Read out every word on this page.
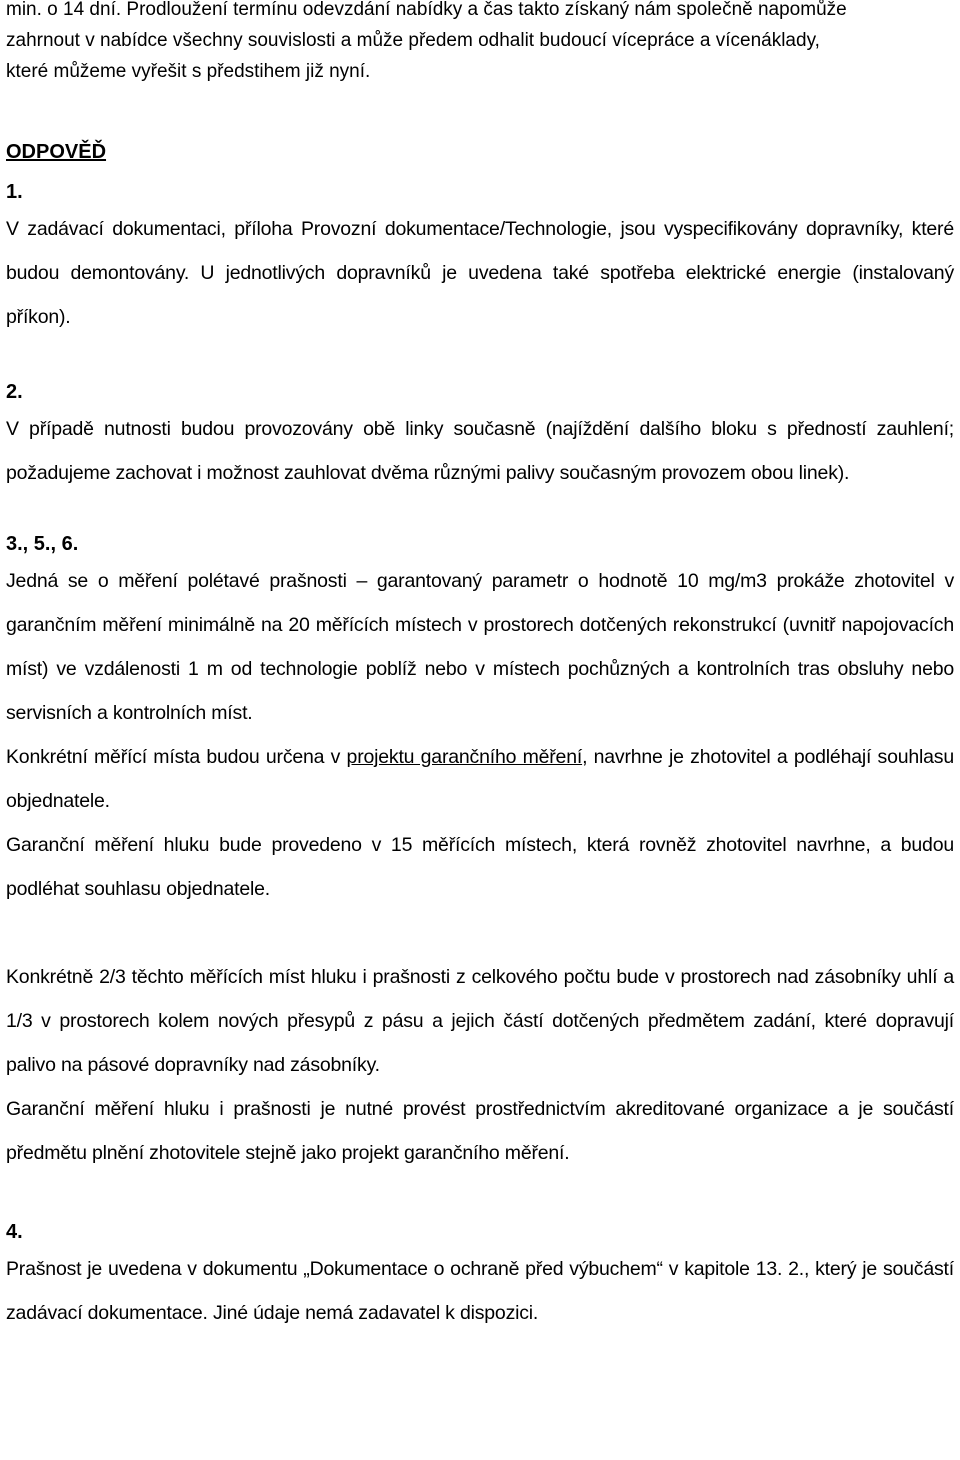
min. o 14 dní. Prodloužení termínu odevzdání nabídky a čas takto získaný nám společně napomůže
zahrnout v nabídce všechny souvislosti a může předem odhalit budoucí vícepráce a vícenáklady,
které můžeme vyřešit s předstihem již nyní.
ODPOVĚĎ
1.

V zadávací dokumentaci, příloha Provozní dokumentace/Technologie, jsou vyspecifikovány dopravníky, které budou demontovány. U jednotlivých dopravníků je uvedena také spotřeba elektrické energie (instalovaný příkon).

2.

V případě nutnosti budou provozovány obě linky současně (najíždění dalšího bloku s předností zauhlení; požadujeme zachovat i možnost zauhlovat dvěma různými palivy současným provozem obou linek).

3., 5., 6.

Jedná se o měření polétavé prašnosti – garantovaný parametr o hodnotě 10 mg/m3 prokáže zhotovitel v garančním měření minimálně na 20 měřících místech v prostorech dotčených rekonstrukcí (uvnitř napojovacích míst) ve vzdálenosti 1 m od technologie poblíž nebo v místech pochůzných a kontrolních tras obsluhy nebo servisních a kontrolních míst.

Konkrétní měřící místa budou určena v projektu garančního měření, navrhne je zhotovitel a podléhají souhlasu objednatele.

Garanční měření hluku bude provedeno v 15 měřících místech, která rovněž zhotovitel navrhne, a budou podléhat souhlasu objednatele.

Konkrétně 2/3 těchto měřících míst hluku i prašnosti z celkového počtu bude v prostorech nad zásobníky uhlí a 1/3 v prostorech kolem nových přesypů z pásu a jejich částí dotčených předmětem zadání, které dopravují palivo na pásové dopravníky nad zásobníky.

Garanční měření hluku i prašnosti je nutné provést prostřednictvím akreditované organizace a je součástí předmětu plnění zhotovitele stejně jako projekt garančního měření.

4.

Prašnost je uvedena v dokumentu „Dokumentace o ochraně před výbuchem“ v kapitole 13. 2., který je součástí zadávací dokumentace. Jiné údaje nemá zadavatel k dispozici.
